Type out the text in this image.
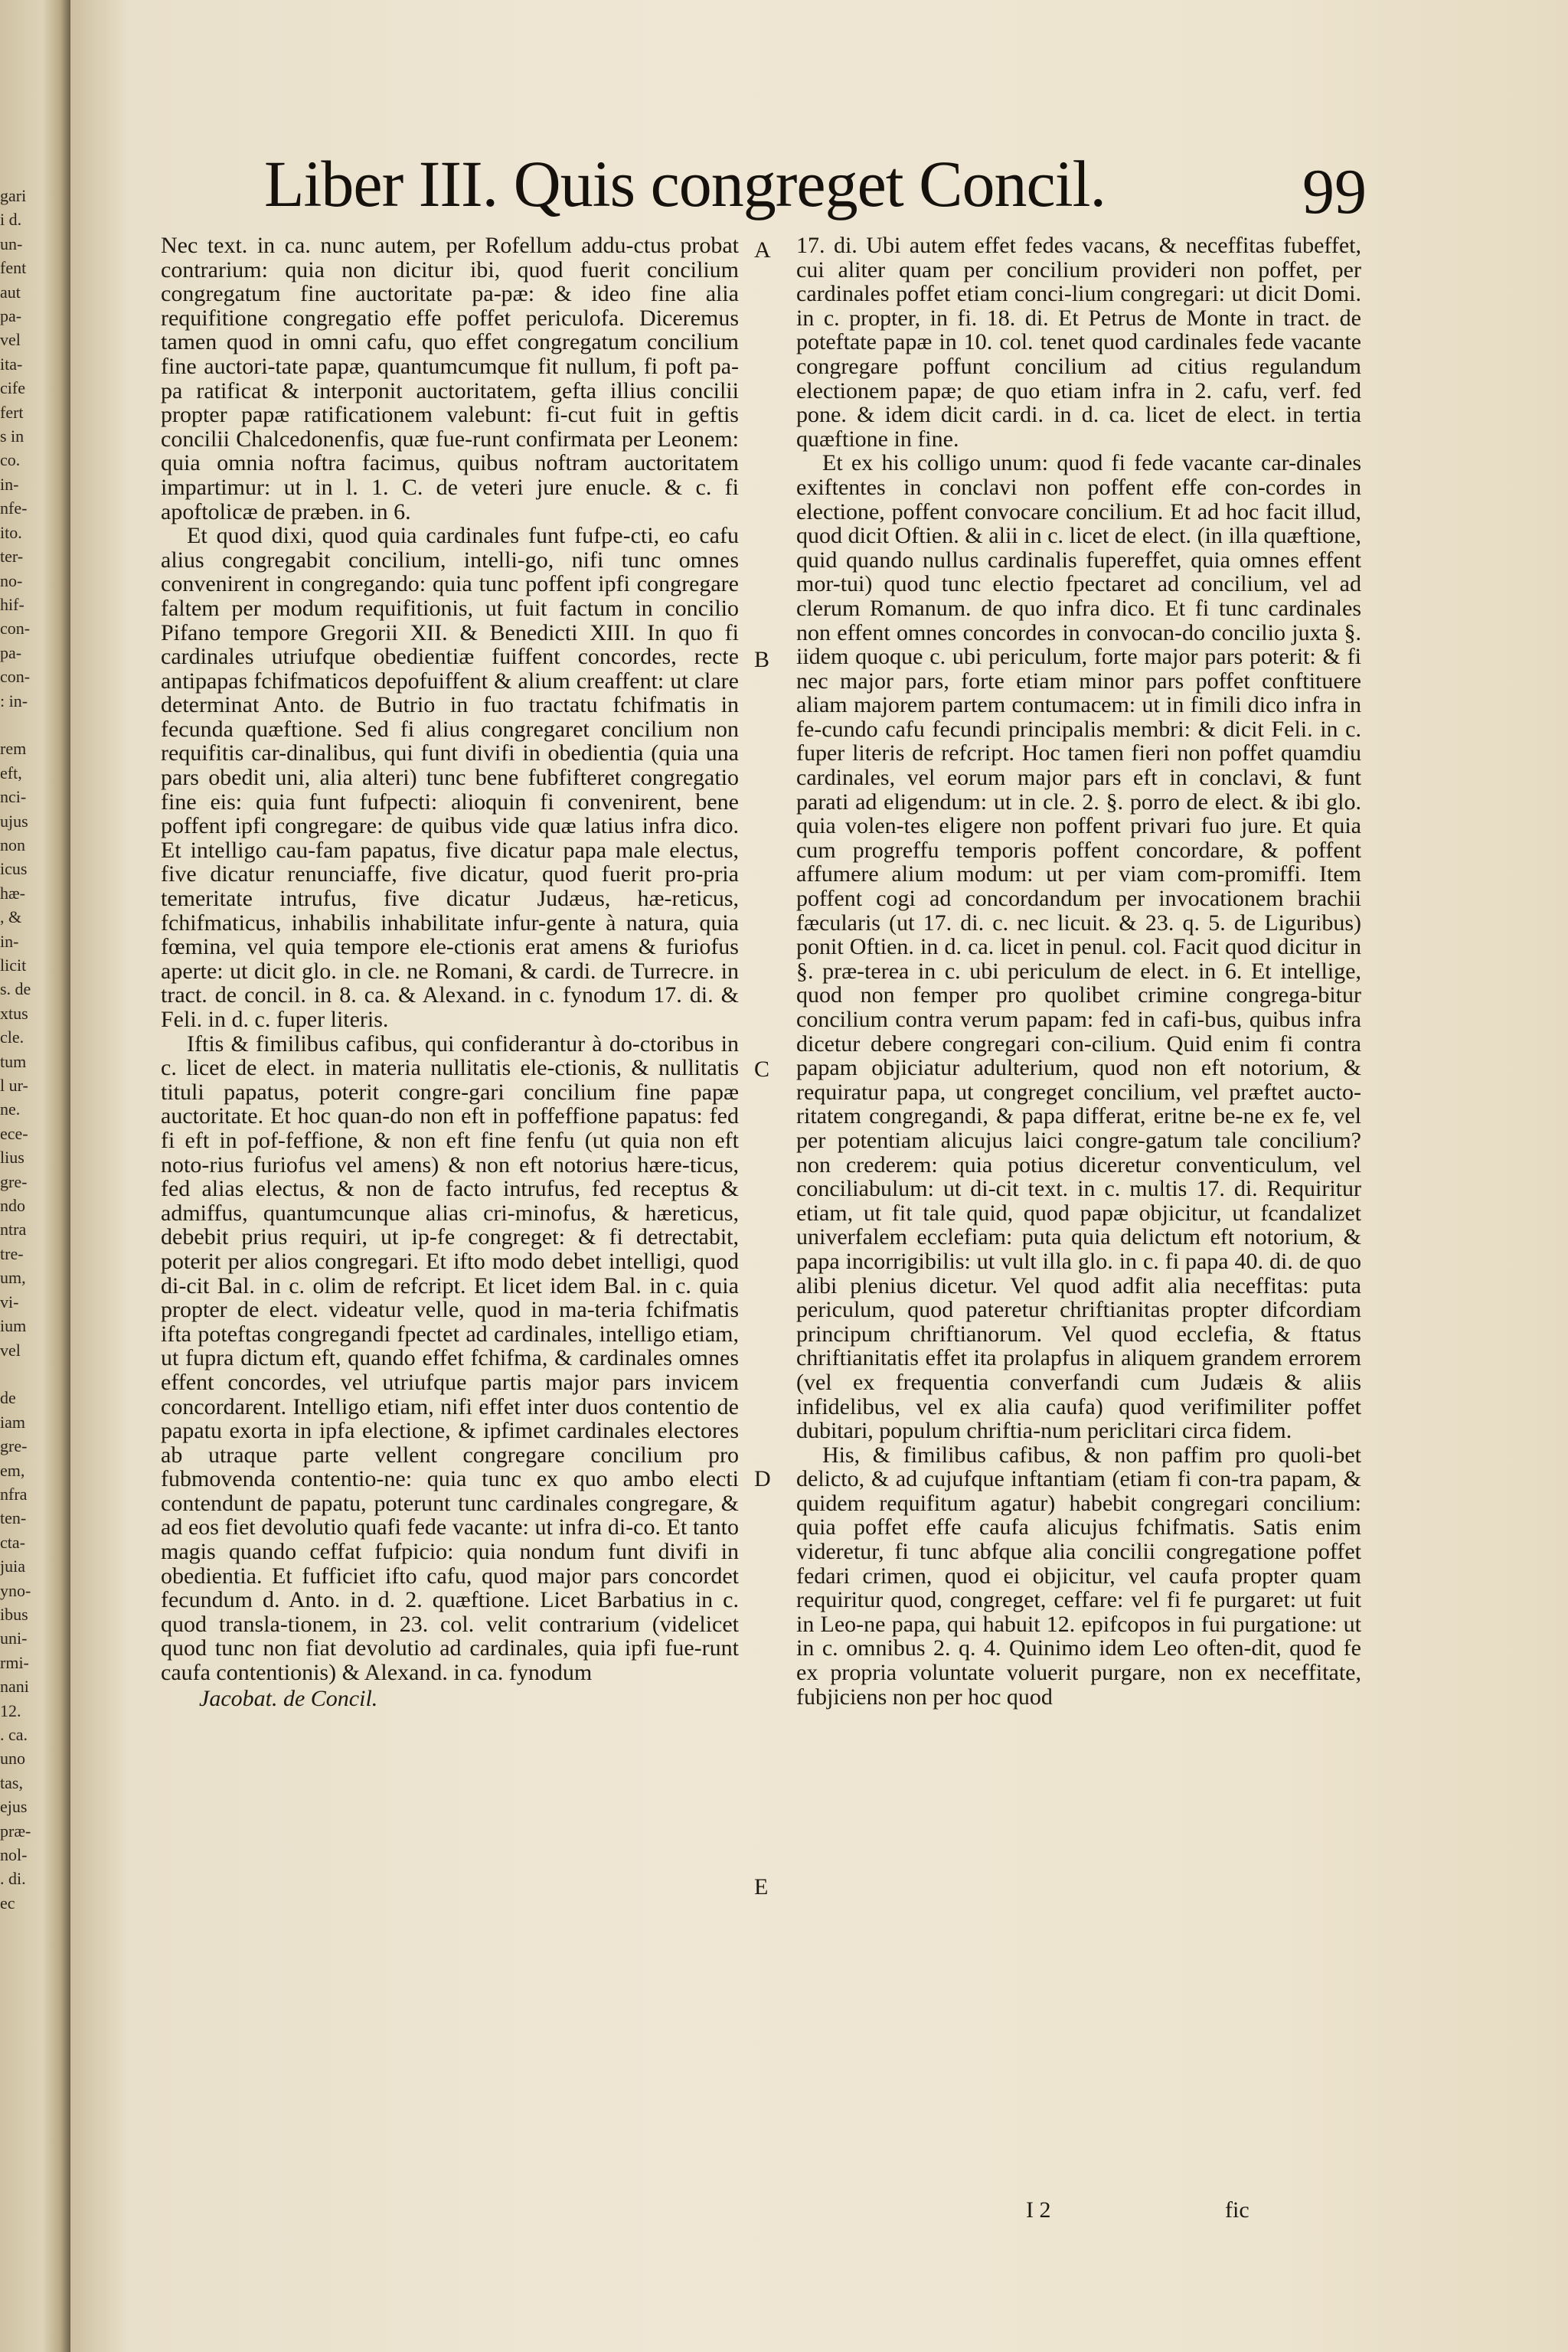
gari
i d.
un-
fent
aut
pa-
vel
ita-
cife
fert
s in
co.
in-
nfe-
ito.
ter-
no-
hif-
con-
pa-
con-
: in-

rem
eft,
nci-
ujus
non
icus
hæ-
, &
in-
licit
s. de
xtus
cle.
tum
l ur-
ne.
ece-
lius
gre-
ndo
ntra
tre-
um,
vi-
ium
vel

de
iam
gre-
em,
nfra
ten-
cta-
juia
yno-
ibus
uni-
rmi-
nani
12.
. ca.
uno
tas,
ejus
præ-
nol-
. di.
ec
Liber III. Quis congreget Concil.	99

Nec text. in ca. nunc autem, per Rofellum addu-ctus probat contrarium: quia non dicitur ibi, quod fuerit concilium congregatum fine auctoritate pa-pæ: & ideo fine alia requifitione congregatio effe poffet periculofa. Diceremus tamen quod in omni cafu, quo effet congregatum concilium fine auctori-tate papæ, quantumcumque fit nullum, fi poft pa-pa ratificat & interponit auctoritatem, gefta illius concilii propter papæ ratificationem valebunt: fi-cut fuit in geftis concilii Chalcedonenfis, quæ fue-runt confirmata per Leonem: quia omnia noftra facimus, quibus noftram auctoritatem impartimur: ut in l. 1. C. de veteri jure enucle. & c. fi apoftolicæ de præben. in 6.

Et quod dixi, quod quia cardinales funt fufpe-cti, eo cafu alius congregabit concilium, intelli-go, nifi tunc omnes convenirent in congregando: quia tunc poffent ipfi congregare faltem per modum requifitionis, ut fuit factum in concilio Pifano tempore Gregorii XII. & Benedicti XIII. In quo fi cardinales utriufque obedientiæ fuiffent concordes, recte antipapas fchifmaticos depofuiffent & alium creaffent: ut clare determinat Anto. de Butrio in fuo tractatu fchifmatis in fecunda quæftione. Sed fi alius congregaret concilium non requifitis car-dinalibus, qui funt divifi in obedientia (quia una pars obedit uni, alia alteri) tunc bene fubfifteret congregatio fine eis: quia funt fufpecti: alioquin fi convenirent, bene poffent ipfi congregare: de quibus vide quæ latius infra dico. Et intelligo cau-fam papatus, five dicatur papa male electus, five dicatur renunciaffe, five dicatur, quod fuerit pro-pria temeritate intrufus, five dicatur Judæus, hæ-reticus, fchifmaticus, inhabilis inhabilitate infur-gente à natura, quia fœmina, vel quia tempore ele-ctionis erat amens & furiofus aperte: ut dicit glo. in cle. ne Romani, & cardi. de Turrecre. in tract. de concil. in 8. ca. & Alexand. in c. fynodum 17. di. & Feli. in d. c. fuper literis.

Iftis & fimilibus cafibus, qui confiderantur à do-ctoribus in c. licet de elect. in materia nullitatis ele-ctionis, & nullitatis tituli papatus, poterit congre-gari concilium fine papæ auctoritate. Et hoc quan-do non eft in poffeffione papatus: fed fi eft in pof-feffione, & non eft fine fenfu (ut quia non eft noto-rius furiofus vel amens) & non eft notorius hære-ticus, fed alias electus, & non de facto intrufus, fed receptus & admiffus, quantumcunque alias cri-minofus, & hæreticus, debebit prius requiri, ut ip-fe congreget: & fi detrectabit, poterit per alios congregari. Et ifto modo debet intelligi, quod di-cit Bal. in c. olim de refcript. Et licet idem Bal. in c. quia propter de elect. videatur velle, quod in ma-teria fchifmatis ifta poteftas congregandi fpectet ad cardinales, intelligo etiam, ut fupra dictum eft, quando effet fchifma, & cardinales omnes effent concordes, vel utriufque partis major pars invicem concordarent. Intelligo etiam, nifi effet inter duos contentio de papatu exorta in ipfa electione, & ipfimet cardinales electores ab utraque parte vellent congregare concilium pro fubmovenda contentio-ne: quia tunc ex quo ambo electi contendunt de papatu, poterunt tunc cardinales congregare, & ad eos fiet devolutio quafi fede vacante: ut infra di-co. Et tanto magis quando ceffat fufpicio: quia nondum funt divifi in obedientia. Et fufficiet ifto cafu, quod major pars concordet fecundum d. Anto. in d. 2. quæftione. Licet Barbatius in c. quod transla-tionem, in 23. col. velit contrarium (videlicet quod tunc non fiat devolutio ad cardinales, quia ipfi fue-runt caufa contentionis) & Alexand. in ca. fynodum

Jacobat. de Concil.

17. di. Ubi autem effet fedes vacans, & neceffitas fubeffet, cui aliter quam per concilium provideri non poffet, per cardinales poffet etiam conci-lium congregari: ut dicit Domi. in c. propter, in fi. 18. di. Et Petrus de Monte in tract. de poteftate papæ in 10. col. tenet quod cardinales fede vacante congregare poffunt concilium ad citius regulandum electionem papæ; de quo etiam infra in 2. cafu, verf. fed pone. & idem dicit cardi. in d. ca. licet de elect. in tertia quæftione in fine.

Et ex his colligo unum: quod fi fede vacante car-dinales exiftentes in conclavi non poffent effe con-cordes in electione, poffent convocare concilium. Et ad hoc facit illud, quod dicit Oftien. & alii in c. licet de elect. (in illa quæftione, quid quando nullus cardinalis fupereffet, quia omnes effent mor-tui) quod tunc electio fpectaret ad concilium, vel ad clerum Romanum. de quo infra dico. Et fi tunc cardinales non effent omnes concordes in convocan-do concilio juxta §. iidem quoque c. ubi periculum, forte major pars poterit: & fi nec major pars, forte etiam minor pars poffet conftituere aliam majorem partem contumacem: ut in fimili dico infra in fe-cundo cafu fecundi principalis membri: & dicit Feli. in c. fuper literis de refcript. Hoc tamen fieri non poffet quamdiu cardinales, vel eorum major pars eft in conclavi, & funt parati ad eligendum: ut in cle. 2. §. porro de elect. & ibi glo. quia volen-tes eligere non poffent privari fuo jure. Et quia cum progreffu temporis poffent concordare, & poffent affumere alium modum: ut per viam com-promiffi. Item poffent cogi ad concordandum per invocationem brachii fæcularis (ut 17. di. c. nec licuit. & 23. q. 5. de Liguribus) ponit Oftien. in d. ca. licet in penul. col. Facit quod dicitur in §. præ-terea in c. ubi periculum de elect. in 6. Et intellige, quod non femper pro quolibet crimine congrega-bitur concilium contra verum papam: fed in cafi-bus, quibus infra dicetur debere congregari con-cilium. Quid enim fi contra papam objiciatur adulterium, quod non eft notorium, & requiratur papa, ut congreget concilium, vel præftet aucto-ritatem congregandi, & papa differat, eritne be-ne ex fe, vel per potentiam alicujus laici congre-gatum tale concilium? non crederem: quia potius diceretur conventiculum, vel conciliabulum: ut di-cit text. in c. multis 17. di. Requiritur etiam, ut fit tale quid, quod papæ objicitur, ut fcandalizet univerfalem ecclefiam: puta quia delictum eft notorium, & papa incorrigibilis: ut vult illa glo. in c. fi papa 40. di. de quo alibi plenius dicetur. Vel quod adfit alia neceffitas: puta periculum, quod pateretur chriftianitas propter difcordiam principum chriftianorum. Vel quod ecclefia, & ftatus chriftianitatis effet ita prolapfus in aliquem grandem errorem (vel ex frequentia converfandi cum Judæis & aliis infidelibus, vel ex alia caufa) quod verifimiliter poffet dubitari, populum chriftia-num periclitari circa fidem.

His, & fimilibus cafibus, & non paffim pro quoli-bet delicto, & ad cujufque inftantiam (etiam fi con-tra papam, & quidem requifitum agatur) habebit congregari concilium: quia poffet effe caufa alicujus fchifmatis. Satis enim videretur, fi tunc abfque alia concilii congregatione poffet fedari crimen, quod ei objicitur, vel caufa propter quam requiritur quod, congreget, ceffare: vel fi fe purgaret: ut fuit in Leo-ne papa, qui habuit 12. epifcopos in fui purgatione: ut in c. omnibus 2. q. 4. Quinimo idem Leo often-dit, quod fe ex propria voluntate voluerit purgare, non ex neceffitate, fubjiciens non per hoc quod

A
B
C
D
E
I 2	fic
